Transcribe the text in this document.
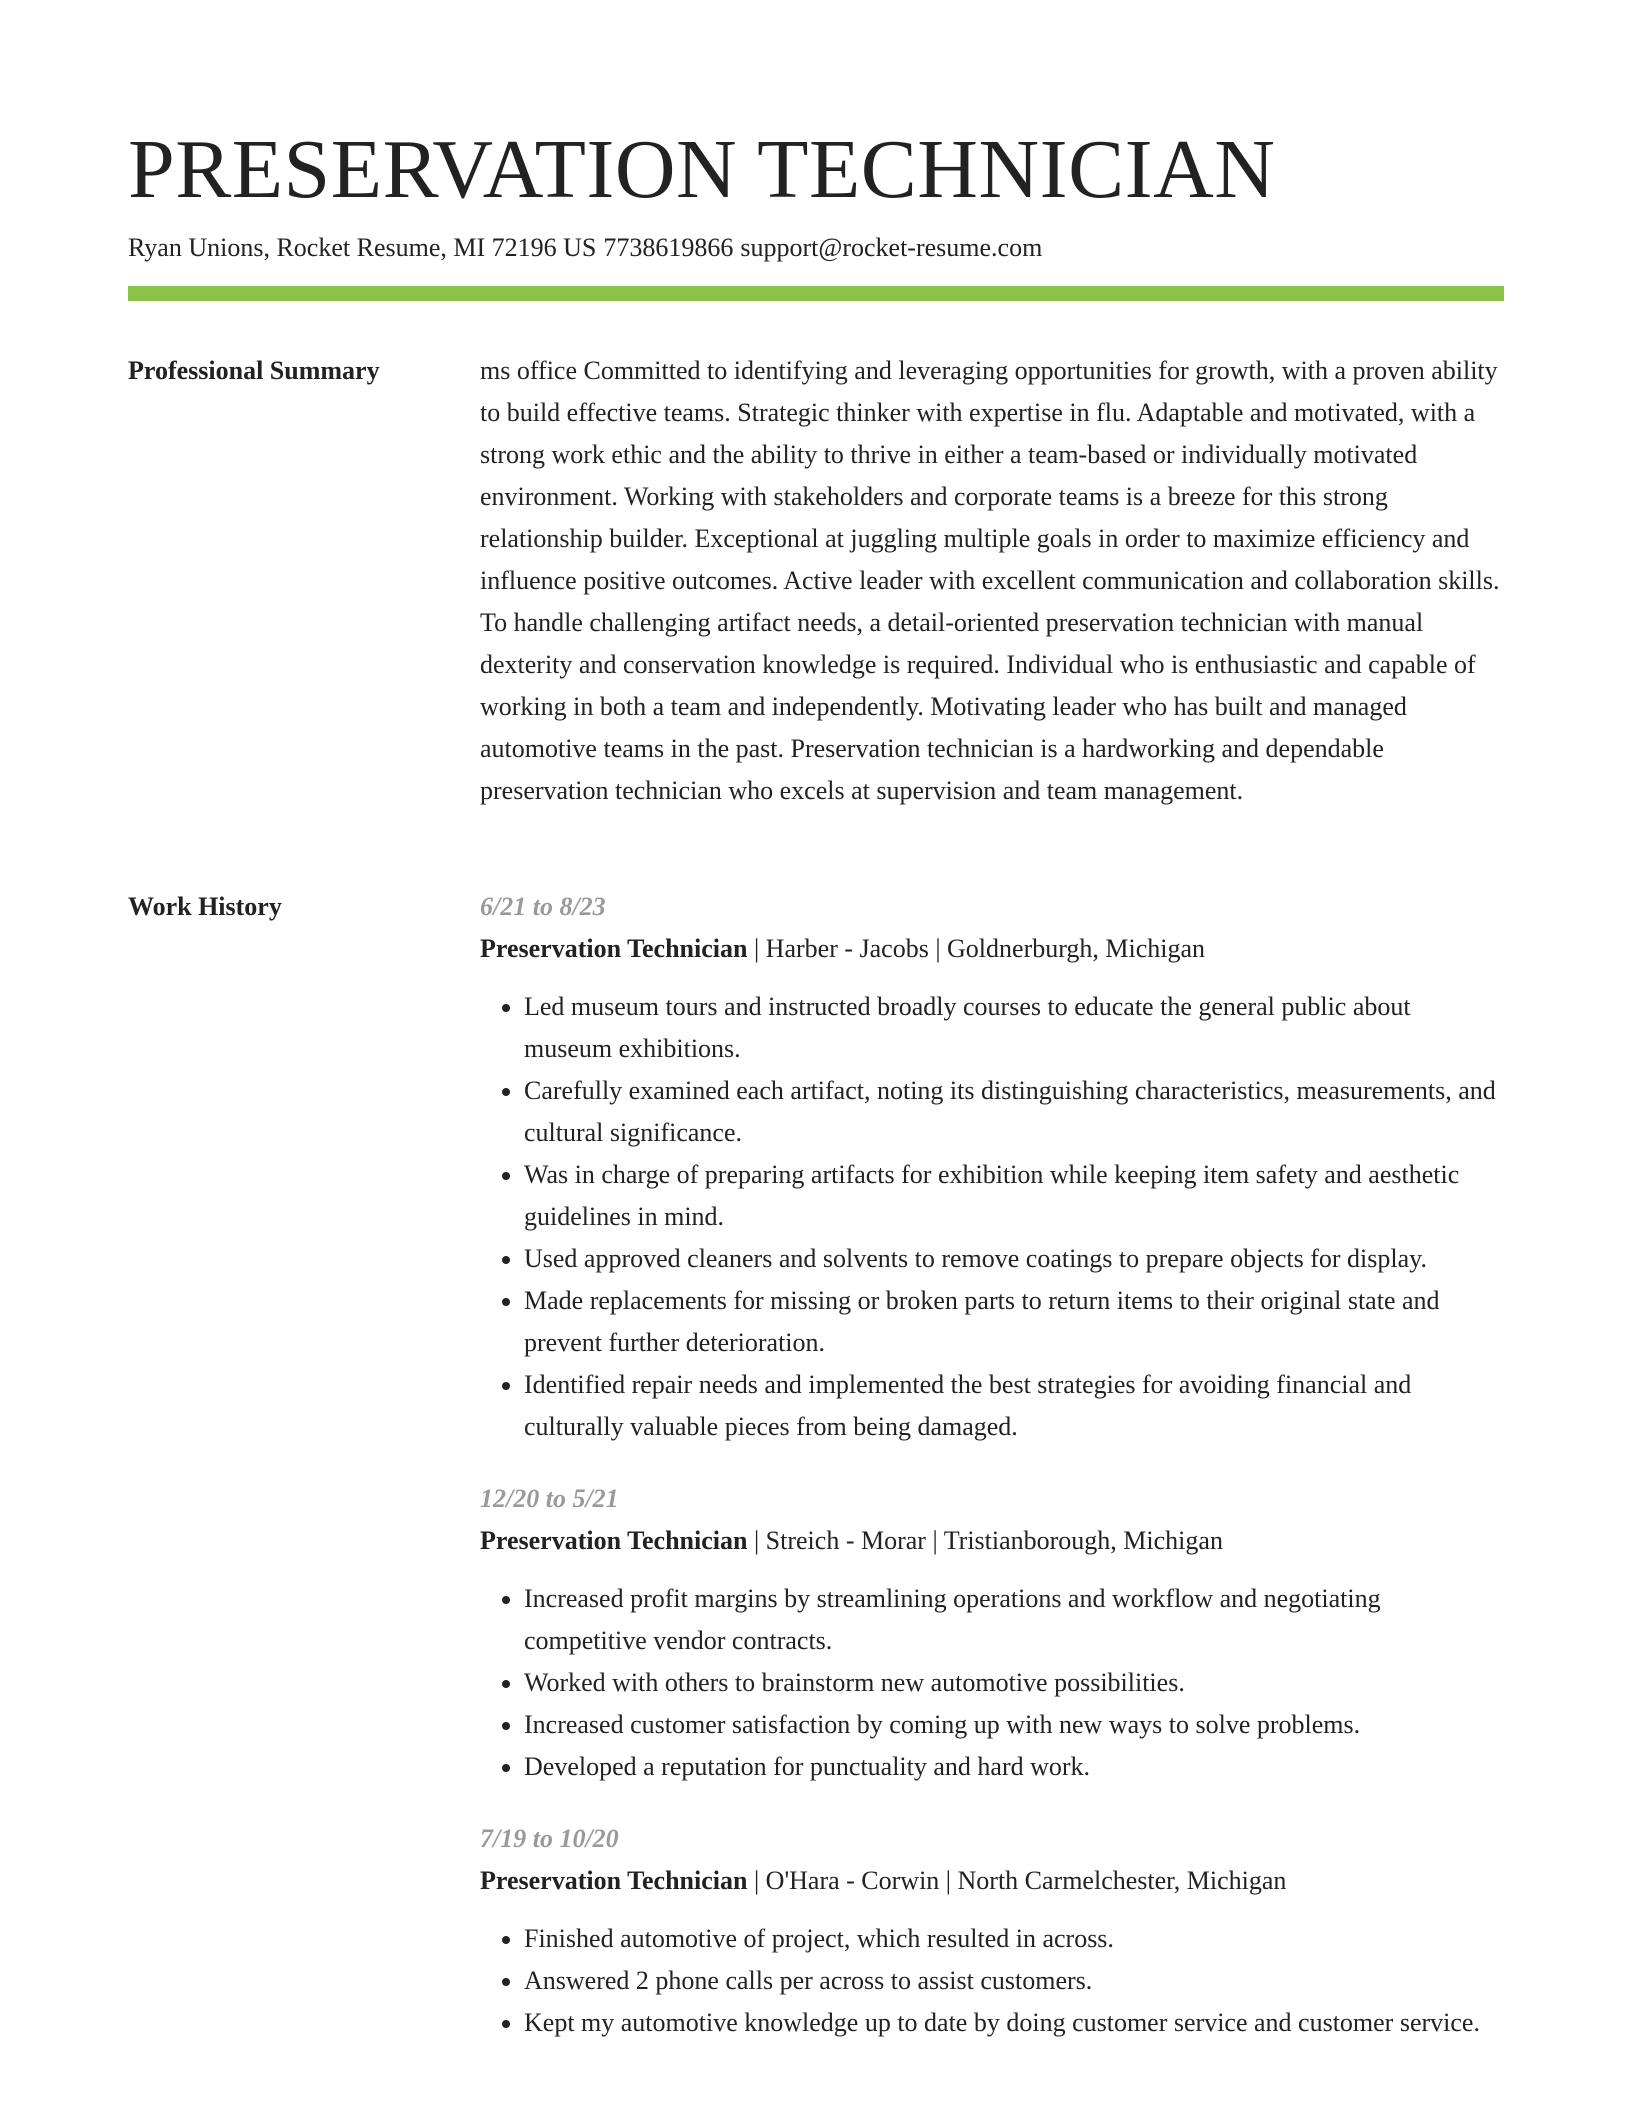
PRESERVATION TECHNICIAN
Ryan Unions, Rocket Resume, MI 72196 US 7738619866 support@rocket-resume.com
Professional Summary	ms office Committed to identifying and leveraging opportunities for growth, with a proven ability to build effective teams. Strategic thinker with expertise in flu. Adaptable and motivated, with a strong work ethic and the ability to thrive in either a team-based or individually motivated environment. Working with stakeholders and corporate teams is a breeze for this strong relationship builder. Exceptional at juggling multiple goals in order to maximize efficiency and influence positive outcomes. Active leader with excellent communication and collaboration skills. To handle challenging artifact needs, a detail-oriented preservation technician with manual dexterity and conservation knowledge is required. Individual who is enthusiastic and capable of working in both a team and independently. Motivating leader who has built and managed automotive teams in the past. Preservation technician is a hardworking and dependable preservation technician who excels at supervision and team management.

Work History	6/21 to 8/23
Preservation Technician | Harber - Jacobs | Goldnerburgh, Michigan
• Led museum tours and instructed broadly courses to educate the general public about museum exhibitions.
• Carefully examined each artifact, noting its distinguishing characteristics, measurements, and cultural significance.
• Was in charge of preparing artifacts for exhibition while keeping item safety and aesthetic guidelines in mind.
• Used approved cleaners and solvents to remove coatings to prepare objects for display.
• Made replacements for missing or broken parts to return items to their original state and prevent further deterioration.
• Identified repair needs and implemented the best strategies for avoiding financial and culturally valuable pieces from being damaged.
12/20 to 5/21
Preservation Technician | Streich - Morar | Tristianborough, Michigan
• Increased profit margins by streamlining operations and workflow and negotiating competitive vendor contracts.
• Worked with others to brainstorm new automotive possibilities.
• Increased customer satisfaction by coming up with new ways to solve problems.
• Developed a reputation for punctuality and hard work.
7/19 to 10/20
Preservation Technician | O'Hara - Corwin | North Carmelchester, Michigan
• Finished automotive of project, which resulted in across.
• Answered 2 phone calls per across to assist customers.
• Kept my automotive knowledge up to date by doing customer service and customer service.
